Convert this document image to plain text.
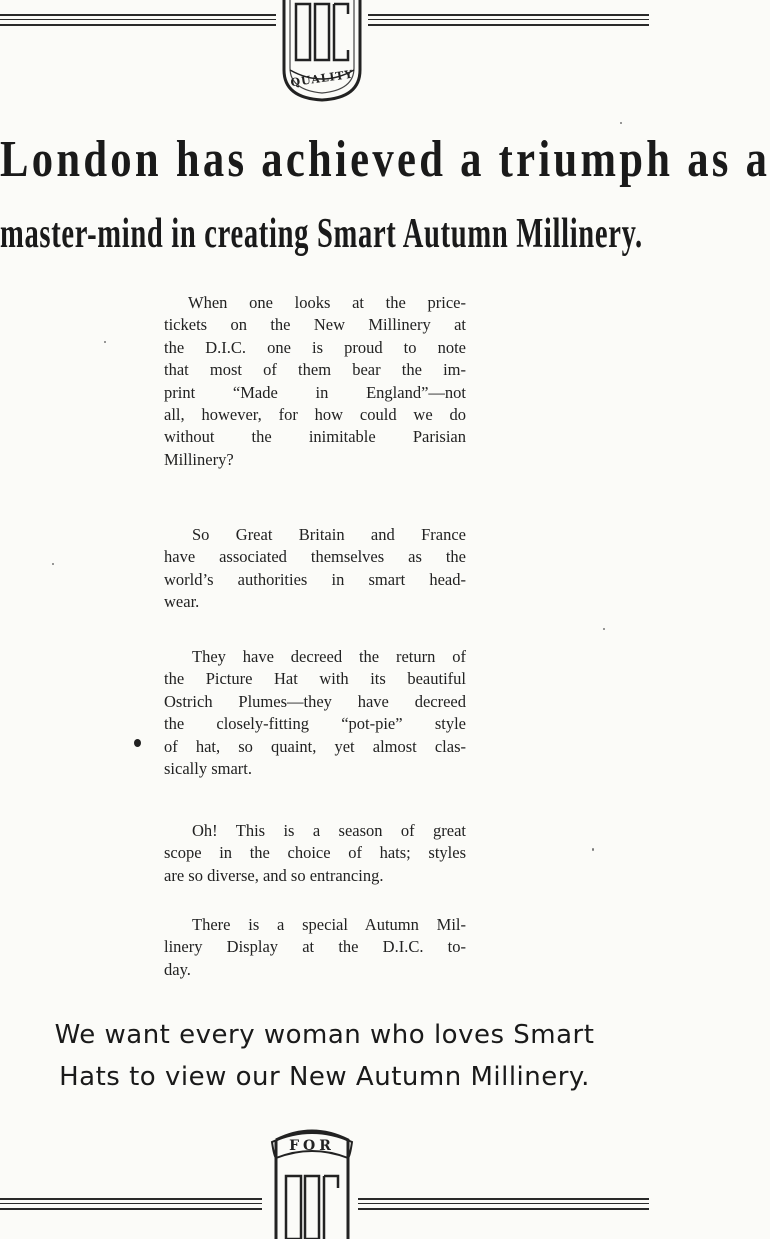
QUALITY
London has achieved a triumph as a
master-mind in creating Smart Autumn Millinery.

When one looks at the price-
tickets on the New Millinery at
the D.I.C. one is proud to note
that most of them bear the im-
print “Made in England”—not
all, however, for how could we do
without the inimitable Parisian
Millinery?

So Great Britain and France
have associated themselves as the
world’s authorities in smart head-
wear.

They have decreed the return of
the Picture Hat with its beautiful
Ostrich Plumes—they have decreed
the closely-fitting “pot-pie” style
of hat, so quaint, yet almost clas-
sically smart.

Oh! This is a season of great
scope in the choice of hats; styles
are so diverse, and so entrancing.

There is a special Autumn Mil-
linery Display at the D.I.C. to-
day.

We want every woman who loves Smart
Hats to view our New Autumn Millinery.
FOR
